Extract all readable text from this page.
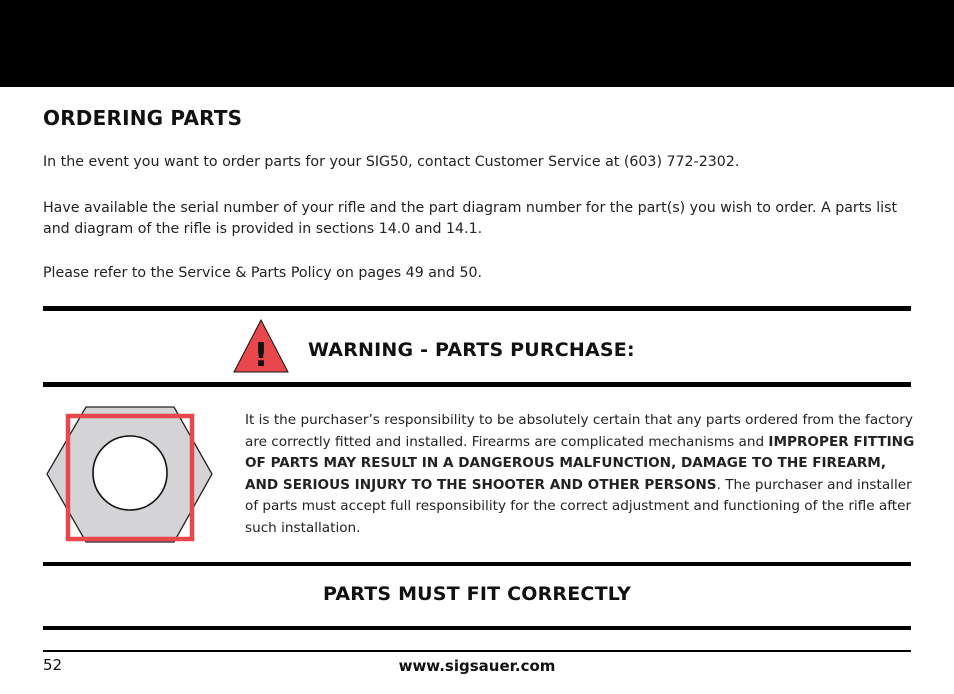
ORDERING PARTS

In the event you want to order parts for your SIG50, contact Customer Service at (603) 772-2302.

Have available the serial number of your rifle and the part diagram number for the part(s) you wish to order. A parts list and diagram of the rifle is provided in sections 14.0 and 14.1.

Please refer to the Service & Parts Policy on pages 49 and 50.

! WARNING - PARTS PURCHASE:

It is the purchaser’s responsibility to be absolutely certain that any parts ordered from the factory are correctly fitted and installed. Firearms are complicated mechanisms and IMPROPER FITTING OF PARTS MAY RESULT IN A DANGEROUS MALFUNCTION, DAMAGE TO THE FIREARM, AND SERIOUS INJURY TO THE SHOOTER AND OTHER PERSONS. The purchaser and installer of parts must accept full responsibility for the correct adjustment and functioning of the rifle after such installation.

PARTS MUST FIT CORRECTLY
52	www.sigsauer.com
